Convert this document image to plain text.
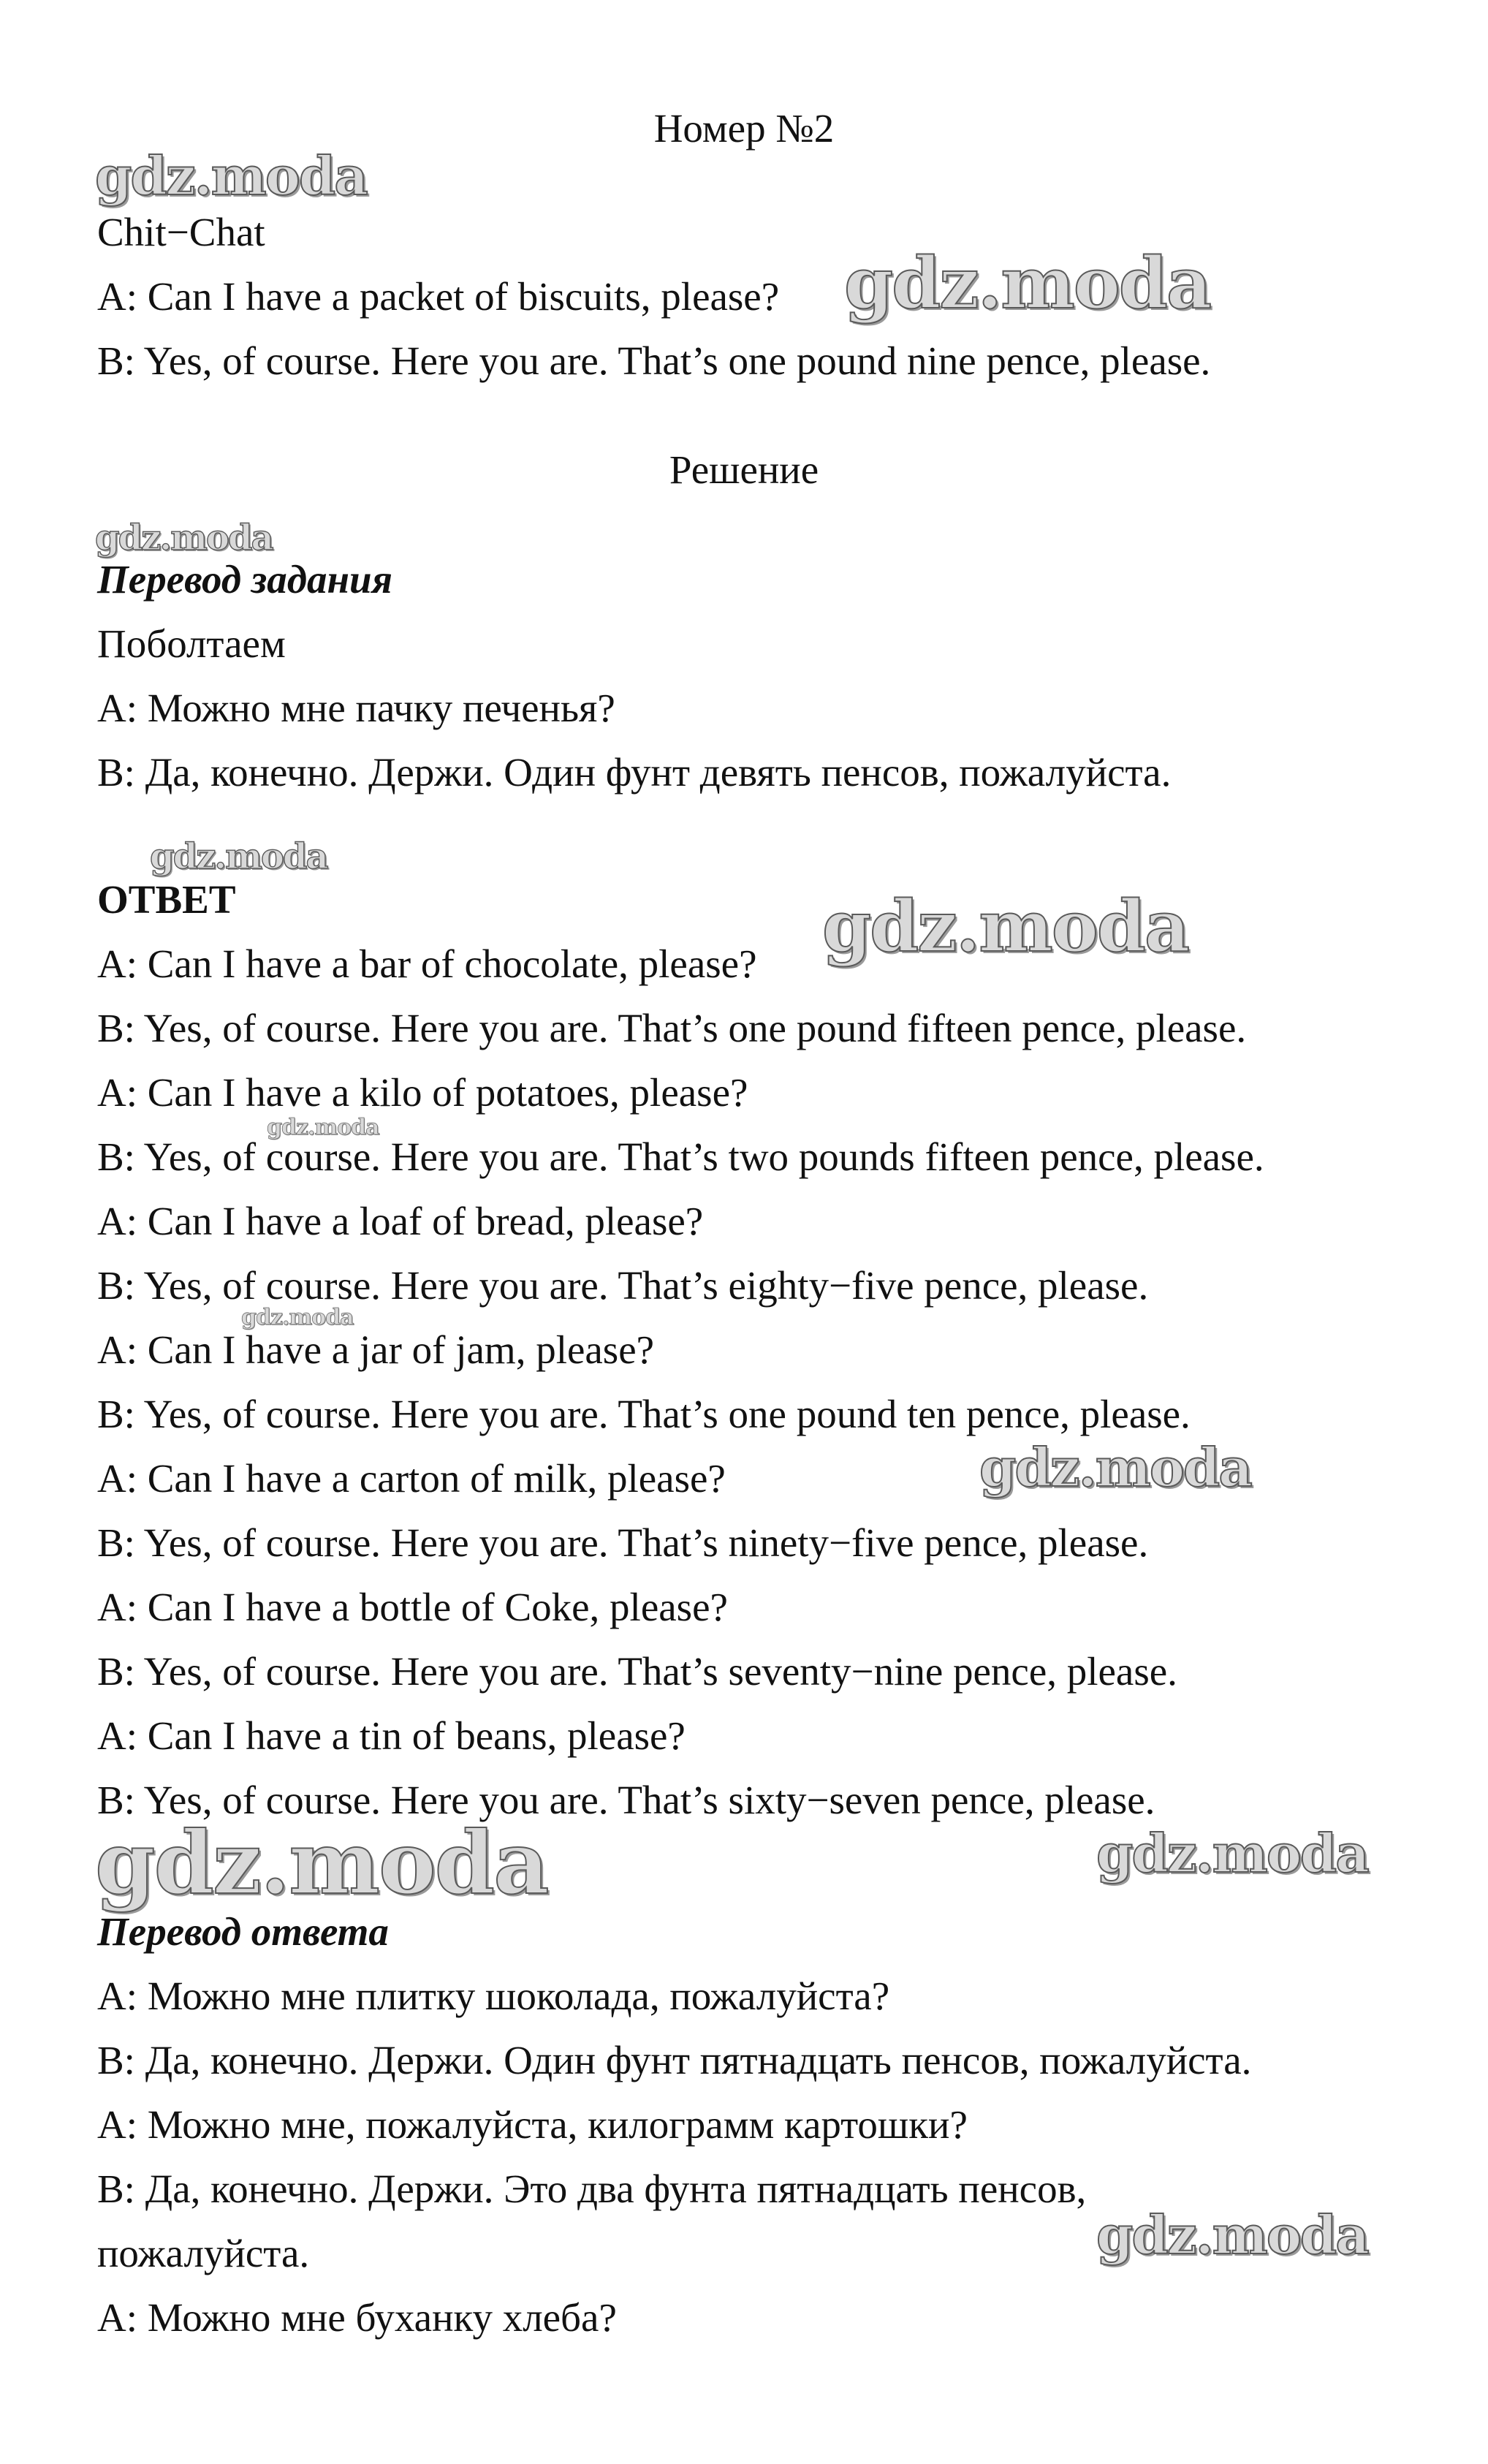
Номер №2
Chit−Chat
A: Can I have a packet of biscuits, please?
B: Yes, of course. Here you are. That’s one pound nine pence, please.
Решение
Перевод задания
Поболтаем
А: Можно мне пачку печенья?
В: Да, конечно. Держи. Один фунт девять пенсов, пожалуйста.
ОТВЕТ
A: Can I have a bar of chocolate, please?
B: Yes, of course. Here you are. That’s one pound fifteen pence, please.
A: Can I have a kilo of potatoes, please?
B: Yes, of course. Here you are. That’s two pounds fifteen pence, please.
A: Can I have a loaf of bread, please?
B: Yes, of course. Here you are. That’s eighty−five pence, please.
A: Can I have a jar of jam, please?
B: Yes, of course. Here you are. That’s one pound ten pence, please.
A: Can I have a carton of milk, please?
B: Yes, of course. Here you are. That’s ninety−five pence, please.
A: Can I have a bottle of Coke, please?
B: Yes, of course. Here you are. That’s seventy−nine pence, please.
A: Can I have a tin of beans, please?
B: Yes, of course. Here you are. That’s sixty−seven pence, please.
Перевод ответа
А: Можно мне плитку шоколада, пожалуйста?
В: Да, конечно. Держи. Один фунт пятнадцать пенсов, пожалуйста.
А: Можно мне, пожалуйста, килограмм картошки?
В: Да, конечно. Держи. Это два фунта пятнадцать пенсов,
пожалуйста.
А: Можно мне буханку хлеба?
gdz.moda
gdz.moda
gdz.moda
gdz.moda
gdz.moda
gdz.moda
gdz.moda
gdz.moda
gdz.moda	gdz.moda
gdz.moda
